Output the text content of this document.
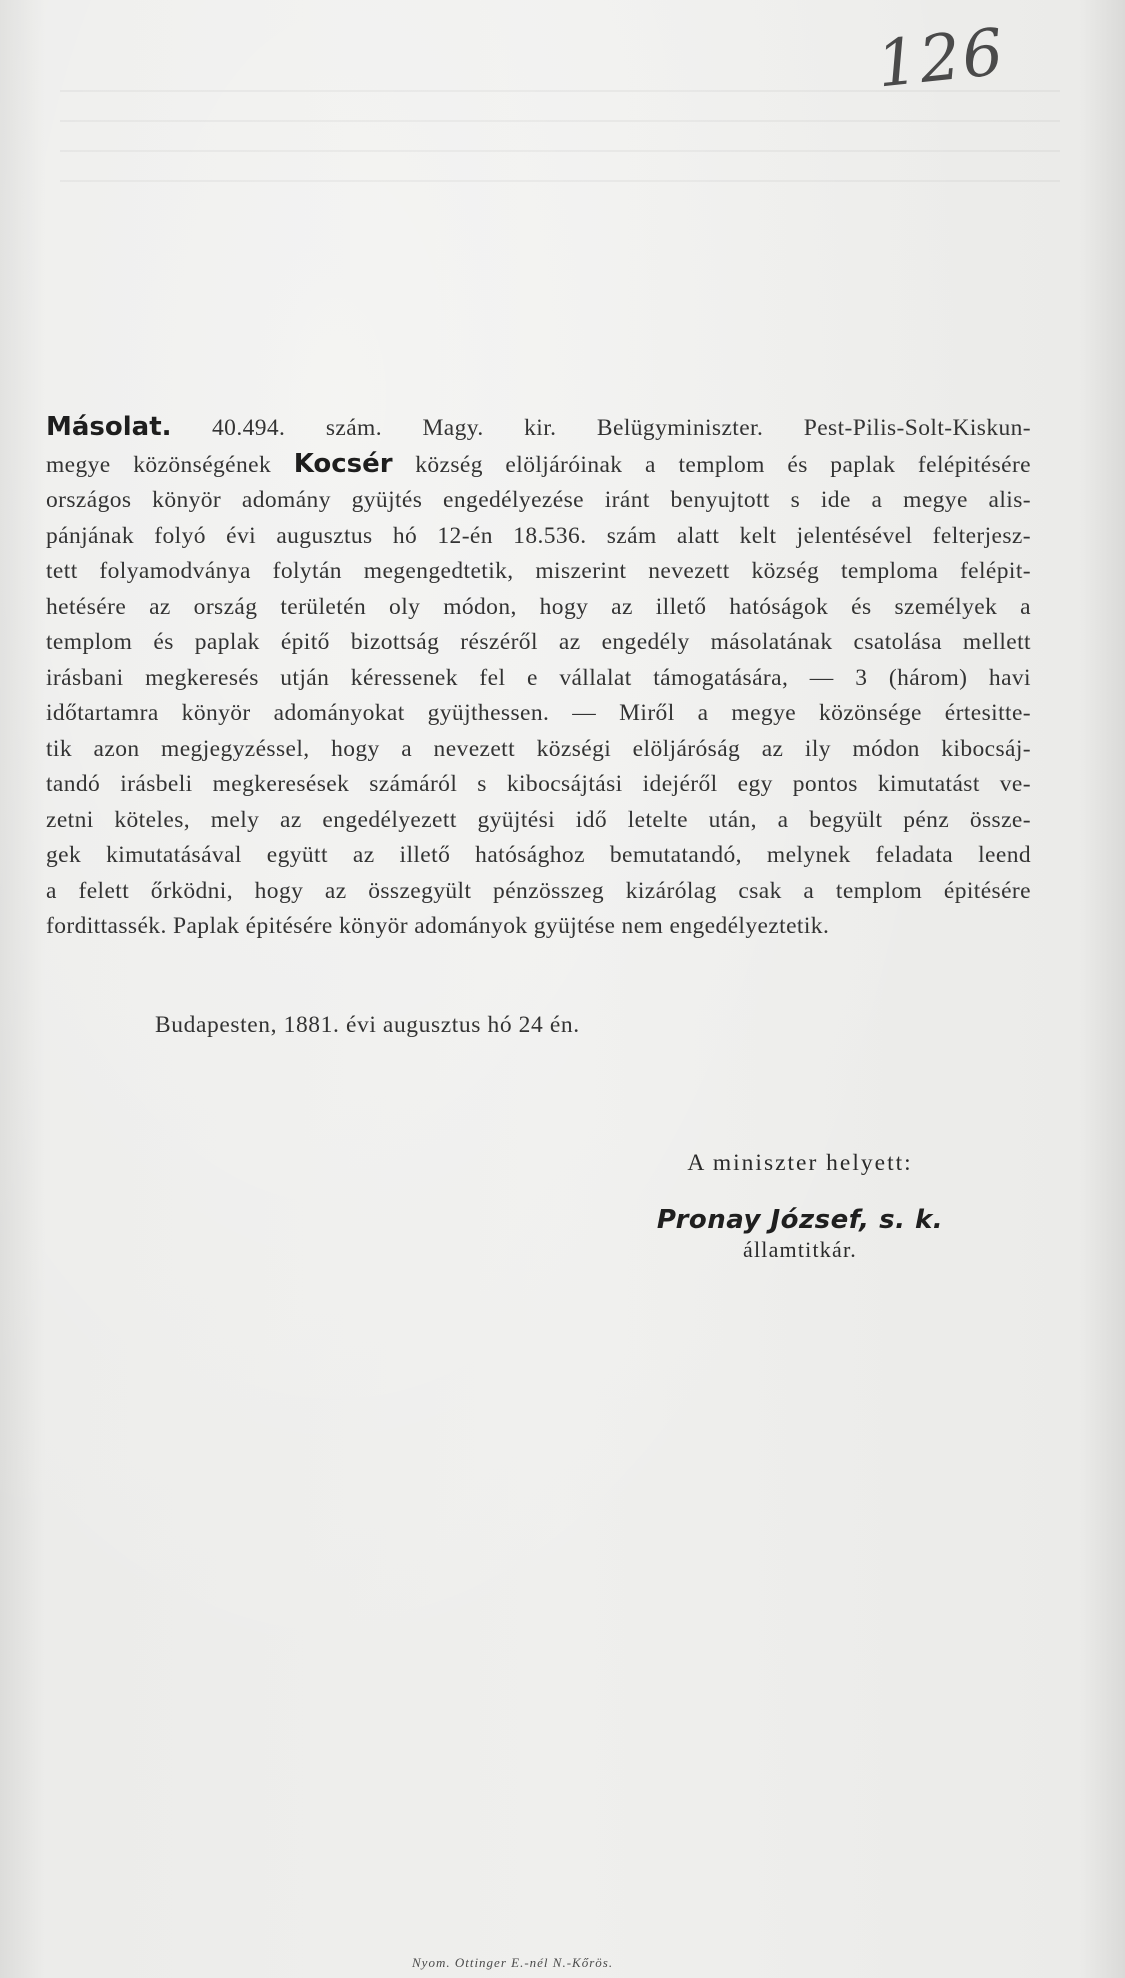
126
Másolat. 40.494. szám. Magy. kir. Belügyminiszter. Pest-Pilis-Solt-Kiskun-
megye közönségének Kocsér község elöljáróinak a templom és paplak felépitésére
országos könyör adomány gyüjtés engedélyezése iránt benyujtott s ide a megye alis-
pánjának folyó évi augusztus hó 12-én 18.536. szám alatt kelt jelentésével felterjesz-
tett folyamodványa folytán megengedtetik, miszerint nevezett község temploma felépit-
hetésére az ország területén oly módon, hogy az illető hatóságok és személyek a
templom és paplak épitő bizottság részéről az engedély másolatának csatolása mellett
irásbani megkeresés utján kéressenek fel e vállalat támogatására, — 3 (három) havi
időtartamra könyör adományokat gyüjthessen. — Miről a megye közönsége értesitte-
tik azon megjegyzéssel, hogy a nevezett községi elöljáróság az ily módon kibocsáj-
tandó irásbeli megkeresések számáról s kibocsájtási idejéről egy pontos kimutatást ve-
zetni köteles, mely az engedélyezett gyüjtési idő letelte után, a begyült pénz össze-
gek kimutatásával együtt az illető hatósághoz bemutatandó, melynek feladata leend
a felett őrködni, hogy az összegyült pénzösszeg kizárólag csak a templom épitésére
fordittassék. Paplak épitésére könyör adományok gyüjtése nem engedélyeztetik.
Budapesten, 1881. évi augusztus hó 24 én.
A miniszter helyett:
Pronay József, s. k.
államtitkár.
Nyom. Ottinger E.-nél N.-Kőrös.
